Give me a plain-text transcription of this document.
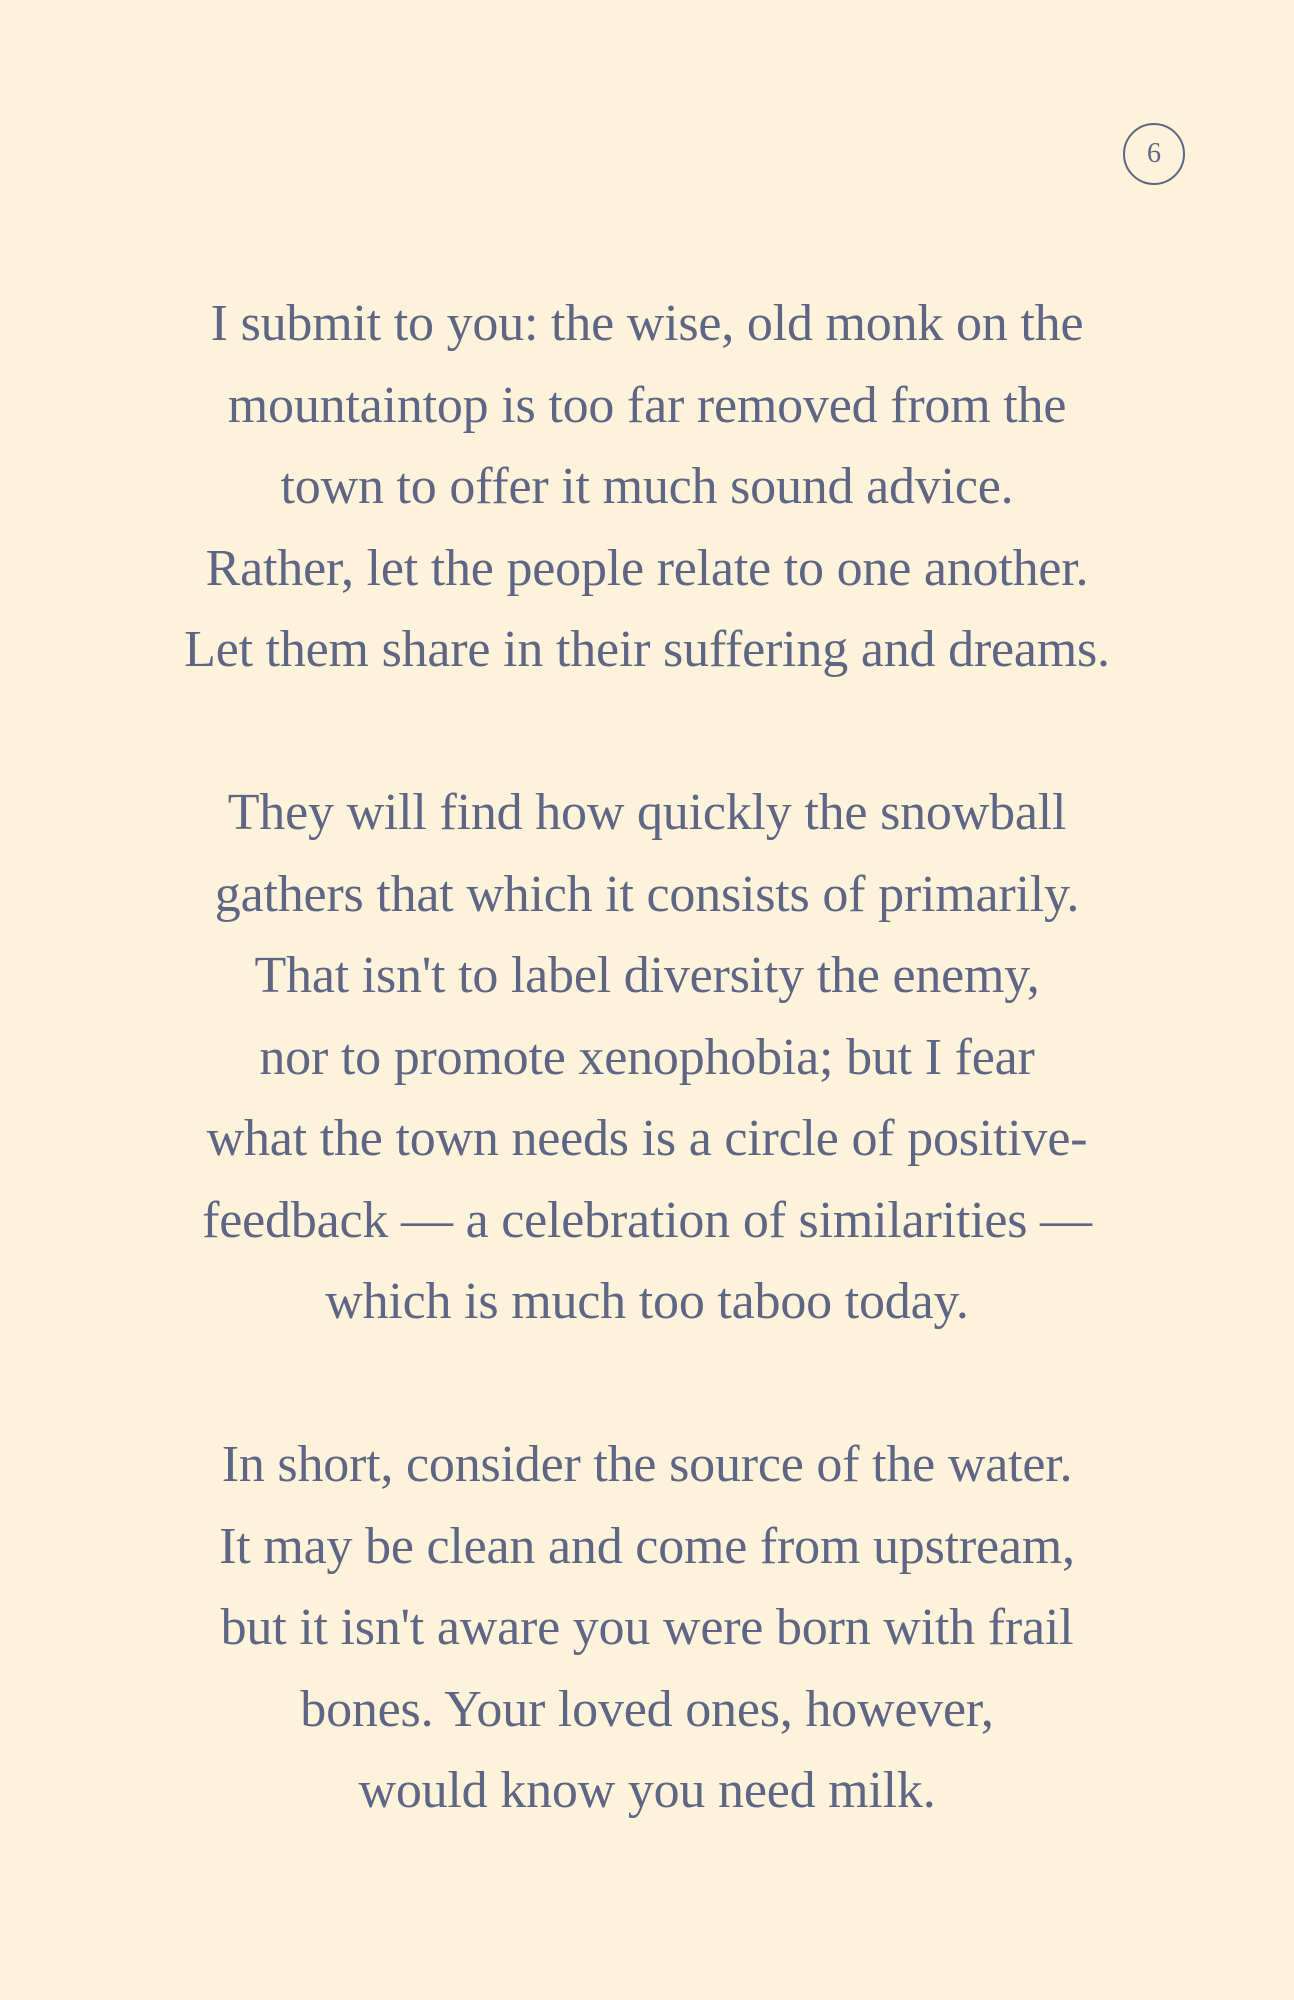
6

I submit to you: the wise, old monk on the
mountaintop is too far removed from the
town to offer it much sound advice.
Rather, let the people relate to one another.
Let them share in their suffering and dreams.

They will find how quickly the snowball
gathers that which it consists of primarily.
That isn't to label diversity the enemy,
nor to promote xenophobia; but I fear
what the town needs is a circle of positive-
feedback — a celebration of similarities —
which is much too taboo today.

In short, consider the source of the water.
It may be clean and come from upstream,
but it isn't aware you were born with frail
bones. Your loved ones, however,
would know you need milk.
